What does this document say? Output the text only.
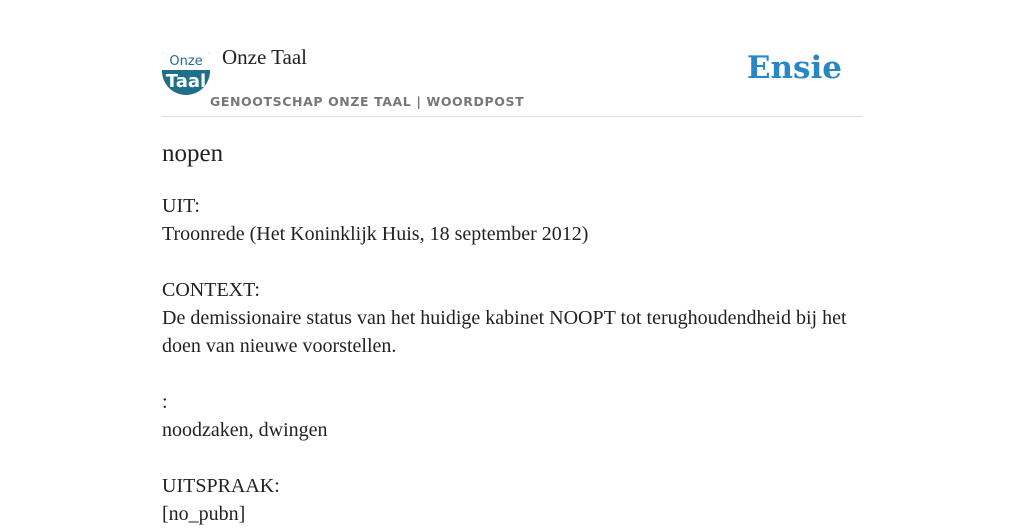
Onze
Taal
Onze Taal
GENOOTSCHAP ONZE TAAL | WOORDPOST
Ensie
nopen
UIT:
Troonrede (Het Koninklijk Huis, 18 september 2012)
CONTEXT:
De demissionaire status van het huidige kabinet NOOPT tot terughoudendheid bij het doen van nieuwe voorstellen.
:
noodzaken, dwingen
UITSPRAAK:
[no_pubn]
